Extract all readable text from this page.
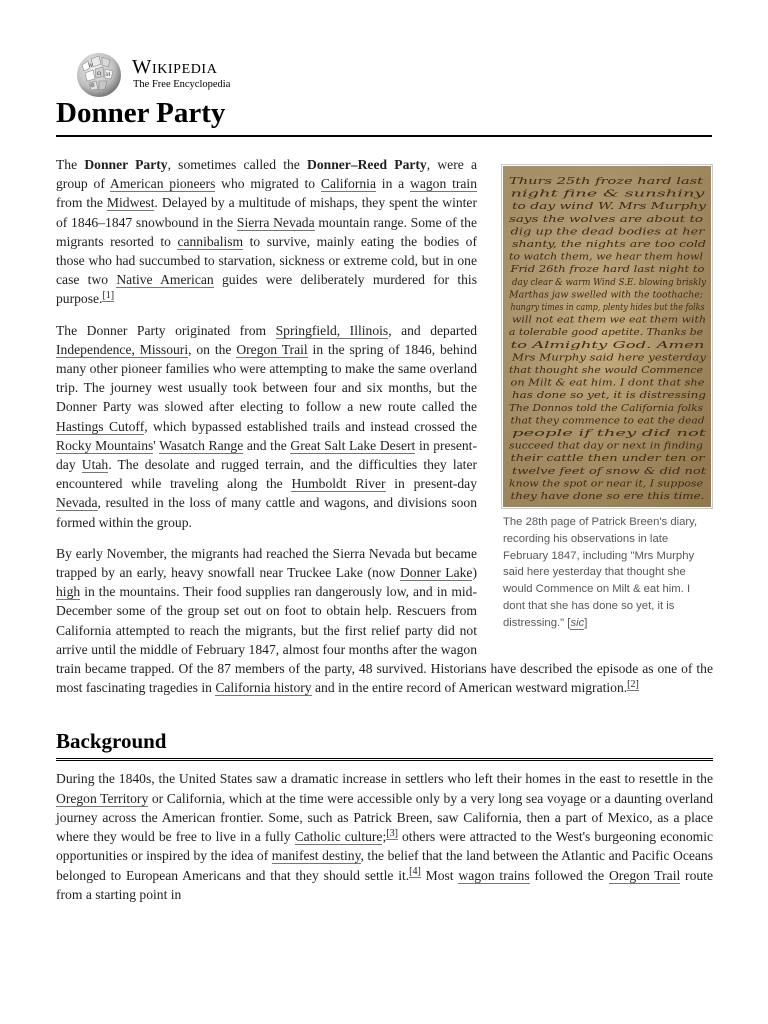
W
Ω И
維
Wikipedia
The Free Encyclopedia
Donner Party
Thurs 25th froze hard last
night fine & sunshiny
to day wind W. Mrs Murphy
says the wolves are about to
dig up the dead bodies at her
shanty, the nights are too cold
to watch them, we hear them howl
Frid 26th froze hard last night to
day clear & warm Wind S.E. blowing briskly
Marthas jaw swelled with the toothache;
hungry times in camp, plenty hides but the folks
will not eat them we eat them with
a tolerable good apetite. Thanks be
to Almighty God. Amen
Mrs Murphy said here yesterday
that thought she would Commence
on Milt & eat him. I dont that she
has done so yet, it is distressing
The Donnos told the California folks
that they commence to eat the dead
people if they did not
succeed that day or next in finding
their cattle then under ten or
twelve feet of snow & did not
know the spot or near it, I suppose
they have done so ere this time.
The 28th page of Patrick Breen's diary, recording his observations in late February 1847, including "Mrs Murphy said here yesterday that thought she would Commence on Milt & eat him. I dont that she has done so yet, it is distressing." [sic]

The Donner Party, sometimes called the Donner–Reed Party, were a group of American pioneers who migrated to California in a wagon train from the Midwest. Delayed by a multitude of mishaps, they spent the winter of 1846–1847 snowbound in the Sierra Nevada mountain range. Some of the migrants resorted to cannibalism to survive, mainly eating the bodies of those who had succumbed to starvation, sickness or extreme cold, but in one case two Native American guides were deliberately murdered for this purpose.[1]

The Donner Party originated from Springfield, Illinois, and departed Independence, Missouri, on the Oregon Trail in the spring of 1846, behind many other pioneer families who were attempting to make the same overland trip. The journey west usually took between four and six months, but the Donner Party was slowed after electing to follow a new route called the Hastings Cutoff, which bypassed established trails and instead crossed the Rocky Mountains' Wasatch Range and the Great Salt Lake Desert in present-day Utah. The desolate and rugged terrain, and the difficulties they later encountered while traveling along the Humboldt River in present-day Nevada, resulted in the loss of many cattle and wagons, and divisions soon formed within the group.

By early November, the migrants had reached the Sierra Nevada but became trapped by an early, heavy snowfall near Truckee Lake (now Donner Lake) high in the mountains. Their food supplies ran dangerously low, and in mid-December some of the group set out on foot to obtain help. Rescuers from California attempted to reach the migrants, but the first relief party did not arrive until the middle of February 1847, almost four months after the wagon train became trapped. Of the 87 members of the party, 48 survived. Historians have described the episode as one of the most fascinating tragedies in California history and in the entire record of American westward migration.[2]

Background

During the 1840s, the United States saw a dramatic increase in settlers who left their homes in the east to resettle in the Oregon Territory or California, which at the time were accessible only by a very long sea voyage or a daunting overland journey across the American frontier. Some, such as Patrick Breen, saw California, then a part of Mexico, as a place where they would be free to live in a fully Catholic culture;[3] others were attracted to the West's burgeoning economic opportunities or inspired by the idea of manifest destiny, the belief that the land between the Atlantic and Pacific Oceans belonged to European Americans and that they should settle it.[4] Most wagon trains followed the Oregon Trail route from a starting point in
